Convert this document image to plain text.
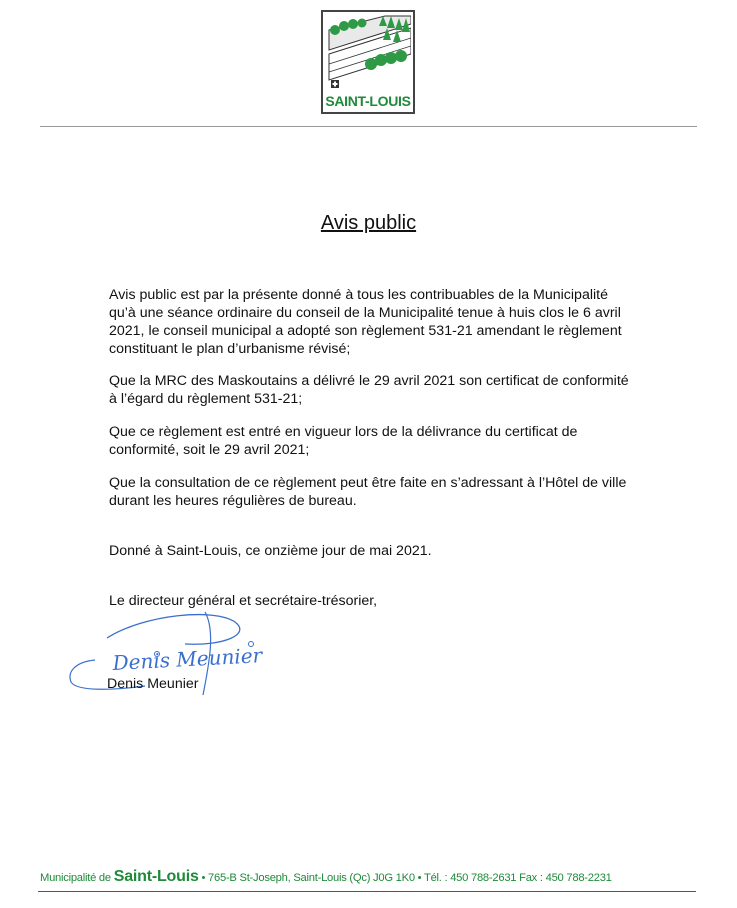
SAINT-LOUIS
Avis public

Avis public est par la présente donné à tous les contribuables de la Municipalité qu’à une séance ordinaire du conseil de la Municipalité tenue à huis clos le 6 avril 2021, le conseil municipal a adopté son règlement 531-21 amendant le règlement constituant le plan d’urbanisme révisé;

Que la MRC des Maskoutains a délivré le 29 avril 2021 son certificat de conformité à l’égard du règlement 531-21;

Que ce règlement est entré en vigueur lors de la délivrance du certificat de conformité, soit le 29 avril 2021;

Que la consultation de ce règlement peut être faite en s’adressant à l’Hôtel de ville durant les heures régulières de bureau.

Donné à Saint-Louis, ce onzième jour de mai 2021.

Le directeur général et secrétaire-trésorier,

Denis Meunier

Denis Meunier

Municipalité de Saint-Louis • 765-B St-Joseph, Saint-Louis (Qc) J0G 1K0 • Tél. : 450 788-2631 Fax : 450 788-2231
